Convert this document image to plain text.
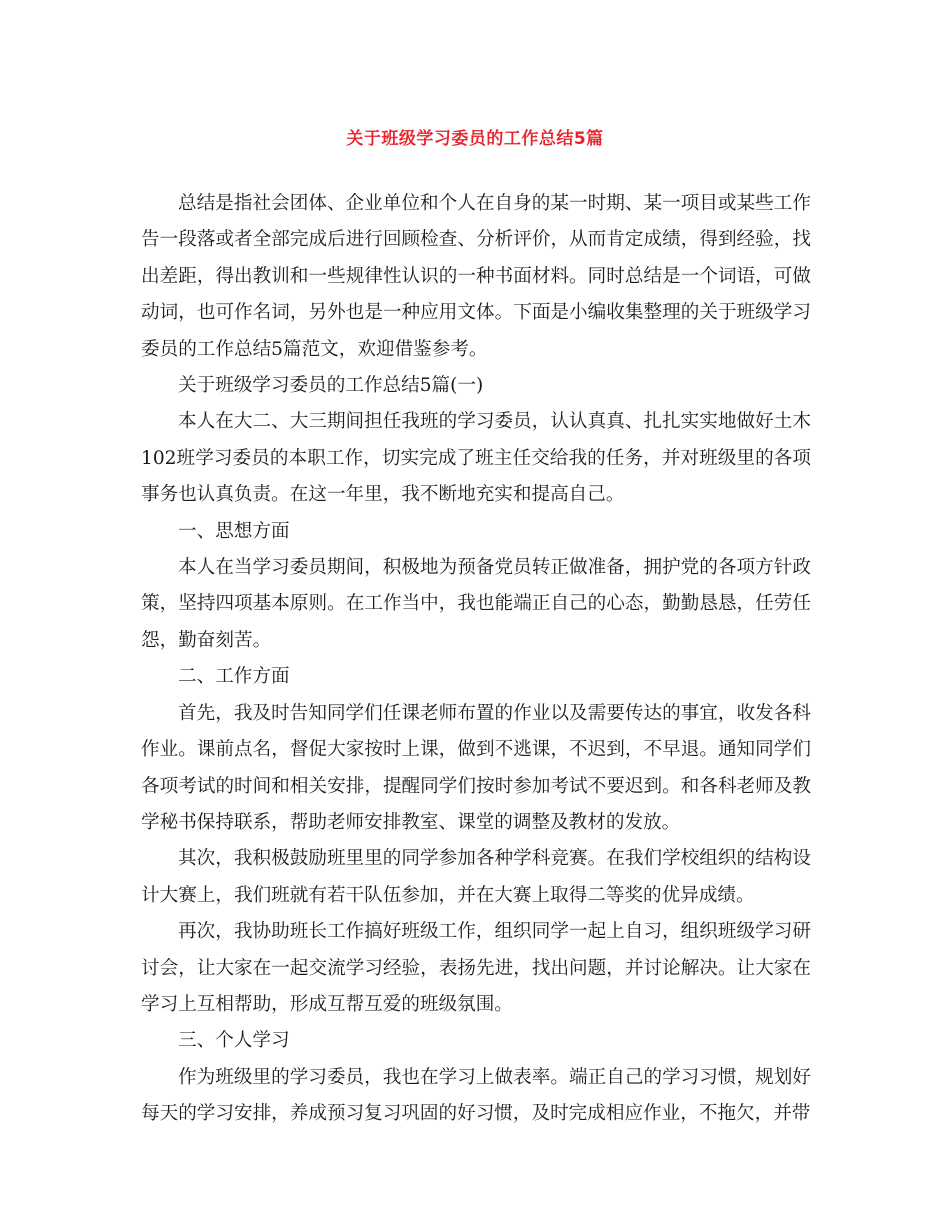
关于班级学习委员的工作总结5篇

总结是指社会团体、企业单位和个人在自身的某一时期、某一项目或某些工作告一段落或者全部完成后进行回顾检查、分析评价，从而肯定成绩，得到经验，找出差距，得出教训和一些规律性认识的一种书面材料。同时总结是一个词语，可做动词，也可作名词，另外也是一种应用文体。下面是小编收集整理的关于班级学习委员的工作总结5篇范文，欢迎借鉴参考。

关于班级学习委员的工作总结5篇(一)

本人在大二、大三期间担任我班的学习委员，认认真真、扎扎实实地做好土木102班学习委员的本职工作，切实完成了班主任交给我的任务，并对班级里的各项事务也认真负责。在这一年里，我不断地充实和提高自己。

一、思想方面

本人在当学习委员期间，积极地为预备党员转正做准备，拥护党的各项方针政策，坚持四项基本原则。在工作当中，我也能端正自己的心态，勤勤恳恳，任劳任怨，勤奋刻苦。

二、工作方面

首先，我及时告知同学们任课老师布置的作业以及需要传达的事宜，收发各科作业。课前点名，督促大家按时上课，做到不逃课，不迟到，不早退。通知同学们各项考试的时间和相关安排，提醒同学们按时参加考试不要迟到。和各科老师及教学秘书保持联系，帮助老师安排教室、课堂的调整及教材的发放。

其次，我积极鼓励班里里的同学参加各种学科竞赛。在我们学校组织的结构设计大赛上，我们班就有若干队伍参加，并在大赛上取得二等奖的优异成绩。

再次，我协助班长工作搞好班级工作，组织同学一起上自习，组织班级学习研讨会，让大家在一起交流学习经验，表扬先进，找出问题，并讨论解决。让大家在学习上互相帮助，形成互帮互爱的班级氛围。

三、个人学习

作为班级里的学习委员，我也在学习上做表率。端正自己的学习习惯，规划好每天的学习安排，养成预习复习巩固的好习惯，及时完成相应作业，不拖欠，并带
